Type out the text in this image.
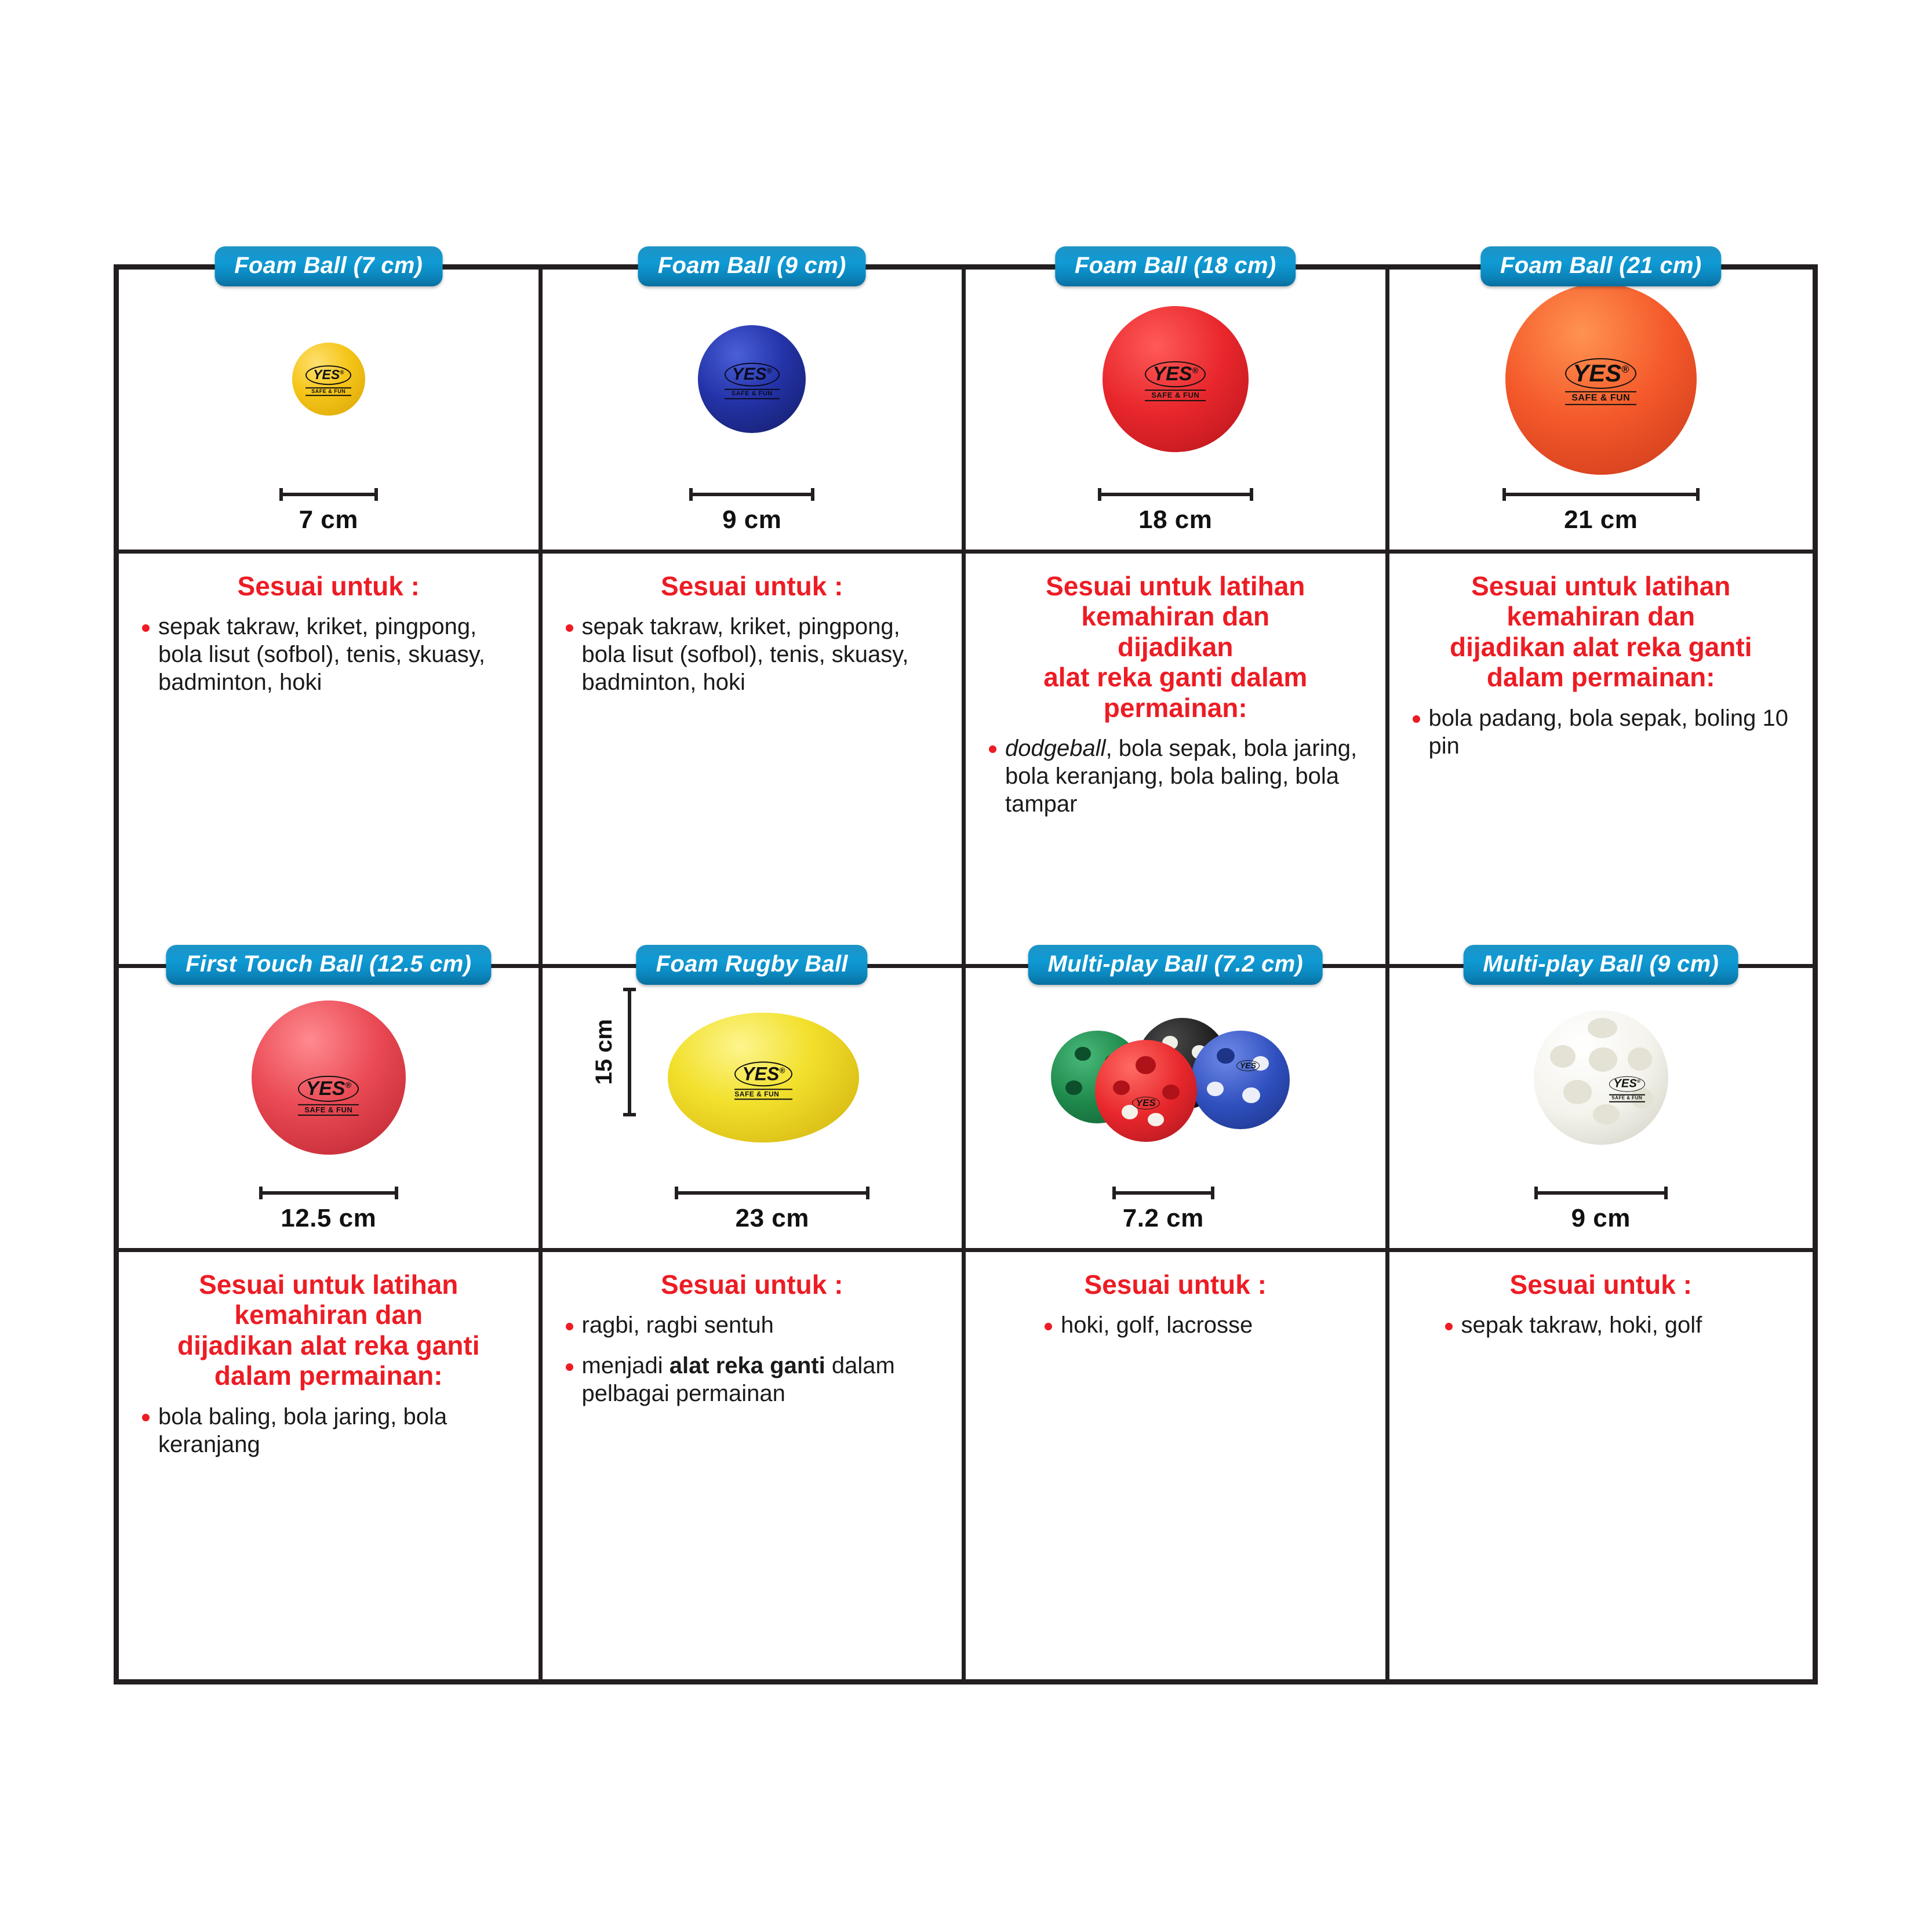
Foam Ball (7 cm)
YES®
SAFE & FUN
7 cm
Foam Ball (9 cm)
YES®
SAFE & FUN
9 cm
Foam Ball (18 cm)
YES®
SAFE & FUN
18 cm
Foam Ball (21 cm)
YES®
SAFE & FUN
21 cm
Sesuai untuk :
sepak takraw, kriket, pingpong, bola lisut (sofbol), tenis, skuasy, badminton, hoki
Sesuai untuk :
sepak takraw, kriket, pingpong, bola lisut (sofbol), tenis, skuasy, badminton, hoki
Sesuai untuk latihan
kemahiran dan
dijadikan
alat reka ganti dalam
permainan:
dodgeball, bola sepak, bola jaring, bola keranjang, bola baling, bola tampar
Sesuai untuk latihan
kemahiran dan
dijadikan alat reka ganti
dalam permainan:
bola padang, bola sepak, boling 10 pin
First Touch Ball (12.5 cm)
YES®
SAFE & FUN
12.5 cm
Foam Rugby Ball
15 cm	YES®
SAFE & FUN
23 cm
Multi-play Ball (7.2 cm)
YES
YES
7.2 cm
Multi-play Ball (9 cm)
YES®
SAFE & FUN
9 cm
Sesuai untuk latihan
kemahiran dan
dijadikan alat reka ganti
dalam permainan:
bola baling, bola jaring, bola keranjang
Sesuai untuk :
ragbi, ragbi sentuh
menjadi alat reka ganti dalam pelbagai permainan
Sesuai untuk :
hoki, golf, lacrosse
Sesuai untuk :
sepak takraw, hoki, golf
